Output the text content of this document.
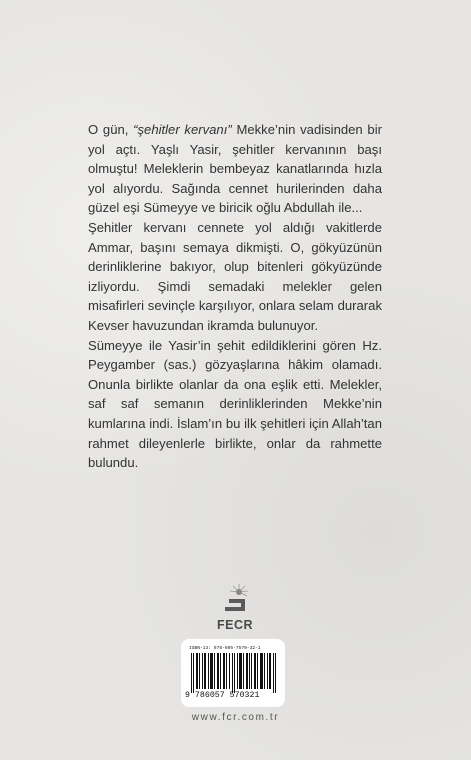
O gün, “şehitler kervanı” Mekke’nin vadisinden bir yol açtı. Yaşlı Yasir, şehitler kervanının başı olmuştu! Meleklerin bembeyaz kanatlarında hızla yol alıyordu. Sağında cennet hurilerinden daha güzel eşi Sümeyye ve biricik oğlu Abdullah ile...

Şehitler kervanı cennete yol aldığı vakitlerde Ammar, başını semaya dikmişti. O, gökyüzünün derinliklerine bakıyor, olup bitenleri gökyüzünde izliyordu. Şimdi semadaki melekler gelen misafirleri sevinçle karşılıyor, onlara selam durarak Kevser havuzundan ikramda bulunuyor.

Sümeyye ile Yasir’in şehit edildiklerini gören Hz. Peygamber (sas.) gözyaşlarına hâkim olamadı. Onunla birlikte olanlar da ona eşlik etti. Melekler, saf saf semanın derinliklerinden Mekke’nin kumlarına indi. İslam’ın bu ilk şehitleri için Allah’tan rahmet dileyenlerle birlikte, onlar da rahmette bulundu.

FECR
ISBN-13: 978-605-7570-32-1
9 786057 570321
www.fcr.com.tr
